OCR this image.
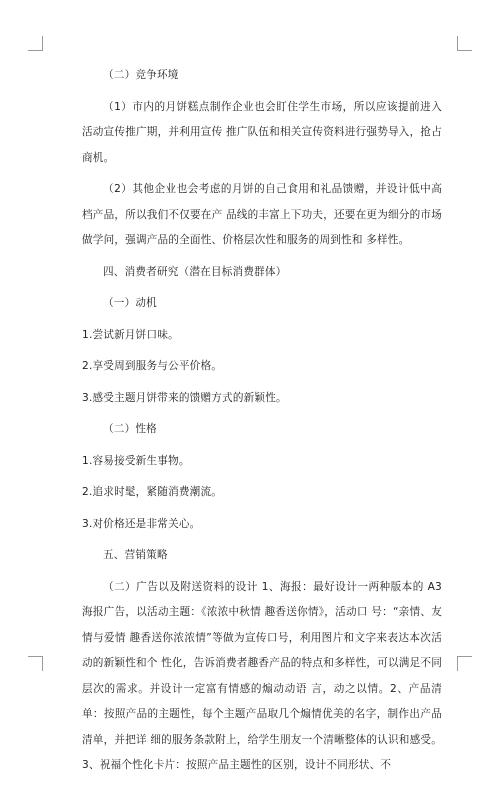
（二）竞争环境

（1）市内的月饼糕点制作企业也会盯住学生市场，所以应该提前进入活动宣传推广期，并利用宣传 推广队伍和相关宣传资料进行强势导入，抢占商机。

（2）其他企业也会考虑的月饼的自己食用和礼品馈赠，并设计低中高档产品，所以我们不仅要在产 品线的丰富上下功夫，还要在更为细分的市场做学问，强调产品的全面性、价格层次性和服务的周到性和 多样性。

四、消费者研究（潜在目标消费群体）

（一）动机

1.尝试新月饼口味。

2.享受周到服务与公平价格。

3.感受主题月饼带来的馈赠方式的新颖性。

（二）性格

1.容易接受新生事物。

2.追求时髦，紧随消费潮流。

3.对价格还是非常关心。

五、营销策略

（二）广告以及附送资料的设计 1、海报：最好设计一两种版本的 A3 海报广告，以活动主题：《浓浓中秋情 趣香送你情》，活动口 号：“亲情、友情与爱情 趣香送你浓浓情”等做为宣传口号，利用图片和文字来表达本次活动的新颖性和个 性化，告诉消费者趣香产品的特点和多样性，可以满足不同层次的需求。并设计一定富有情感的煽动动语 言，动之以情。2、产品清单：按照产品的主题性，每个主题产品取几个煽情优美的名字，制作出产品清单，并把详 细的服务条款附上，给学生朋友一个清晰整体的认识和感受。3、祝福个性化卡片：按照产品主题性的区别，设计不同形状、不
